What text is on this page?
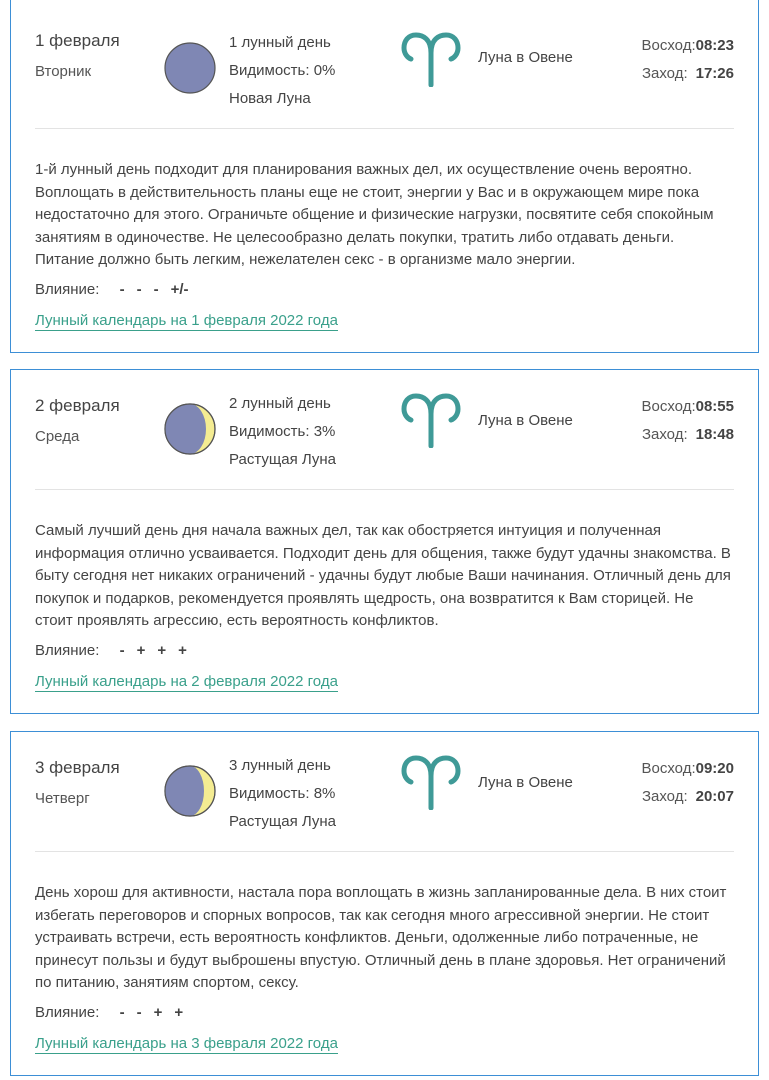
1 февраля
Вторник
1 лунный день
Видимость: 0%
Новая Луна
Луна в Овене
Восход:08:23
Заход: 17:26

1-й лунный день подходит для планирования важных дел, их осуществление очень вероятно. Воплощать в действительность планы еще не стоит, энергии у Вас и в окружающем мире пока недостаточно для этого. Ограничьте общение и физические нагрузки, посвятите себя спокойным занятиям в одиночестве. Не целесообразно делать покупки, тратить либо отдавать деньги. Питание должно быть легким, нежелателен секс - в организме мало энергии.

Влияние: - - - +/-
Лунный календарь на 1 февраля 2022 года
2 февраля
Среда
2 лунный день
Видимость: 3%
Растущая Луна
Луна в Овене
Восход:08:55
Заход: 18:48

Самый лучший день дня начала важных дел, так как обостряется интуиция и полученная информация отлично усваивается. Подходит день для общения, также будут удачны знакомства. В быту сегодня нет никаких ограничений - удачны будут любые Ваши начинания. Отличный день для покупок и подарков, рекомендуется проявлять щедрость, она возвратится к Вам сторицей. Не стоит проявлять агрессию, есть вероятность конфликтов.

Влияние: - + + +
Лунный календарь на 2 февраля 2022 года
3 февраля
Четверг
3 лунный день
Видимость: 8%
Растущая Луна
Луна в Овене
Восход:09:20
Заход: 20:07

День хорош для активности, настала пора воплощать в жизнь запланированные дела. В них стоит избегать переговоров и спорных вопросов, так как сегодня много агрессивной энергии. Не стоит устраивать встречи, есть вероятность конфликтов. Деньги, одолженные либо потраченные, не принесут пользы и будут выброшены впустую. Отличный день в плане здоровья. Нет ограничений по питанию, занятиям спортом, сексу.

Влияние: - - + +
Лунный календарь на 3 февраля 2022 года
